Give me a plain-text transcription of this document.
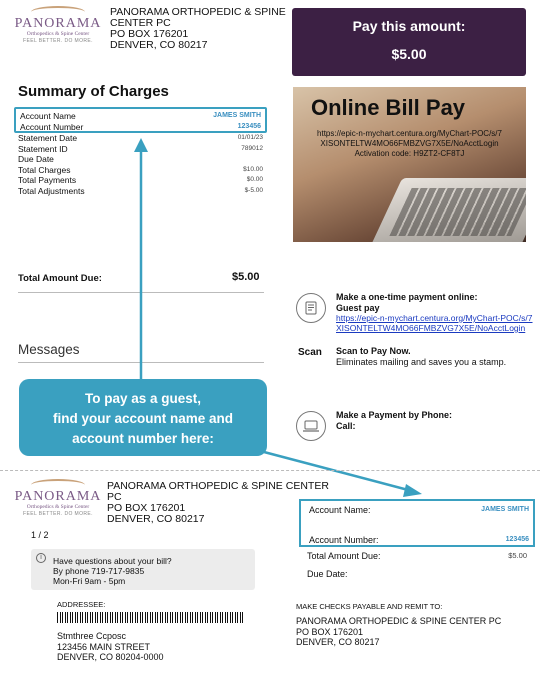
PANORAMA
Orthopedics & Spine Center
FEEL BETTER. DO MORE.
PANORAMA ORTHOPEDIC & SPINE
CENTER PC
PO BOX 176201
DENVER, CO 80217
Pay this amount:
$5.00
Summary of Charges
Account Name	JAMES SMITH
Account Number	123456
Statement Date	01/01/23
Statement ID	789012
Due Date
Total Charges	$10.00
Total Payments	$0.00
Total Adjustments	$-5.00
Online Bill Pay
https://epic-n-mychart.centura.org/MyChart-POC/s/7
XISONTELTW4MO66FMBZVG7X5E/NoAcctLogin
Activation code: H9ZT2-CF8TJ
Total Amount Due:	$5.00
Messages
Make a one-time payment online:
Guest pay
https://epic-n-mychart.centura.org/MyChart-POC/s/7
XISONTELTW4MO66FMBZVG7X5E/NoAcctLogin
Scan Scan to Pay Now.
Eliminates mailing and saves you a stamp.
Make a Payment by Phone:
Call:
To pay as a guest,
find your account name and
account number here:
PANORAMA
Orthopedics & Spine Center
FEEL BETTER. DO MORE.
PANORAMA ORTHOPEDIC & SPINE CENTER
PC
PO BOX 176201
DENVER, CO 80217
1 / 2
i	Have questions about your bill?
By phone 719-717-9835
Mon-Fri 9am - 5pm
ADDRESSEE:
Stmthree Ccposc
123456 MAIN STREET
DENVER, CO 80204-0000
Account Name:	JAMES SMITH
Account Number:	123456
Total Amount Due:	$5.00
Due Date:
MAKE CHECKS PAYABLE AND REMIT TO:
PANORAMA ORTHOPEDIC & SPINE CENTER PC
PO BOX 176201
DENVER, CO 80217
